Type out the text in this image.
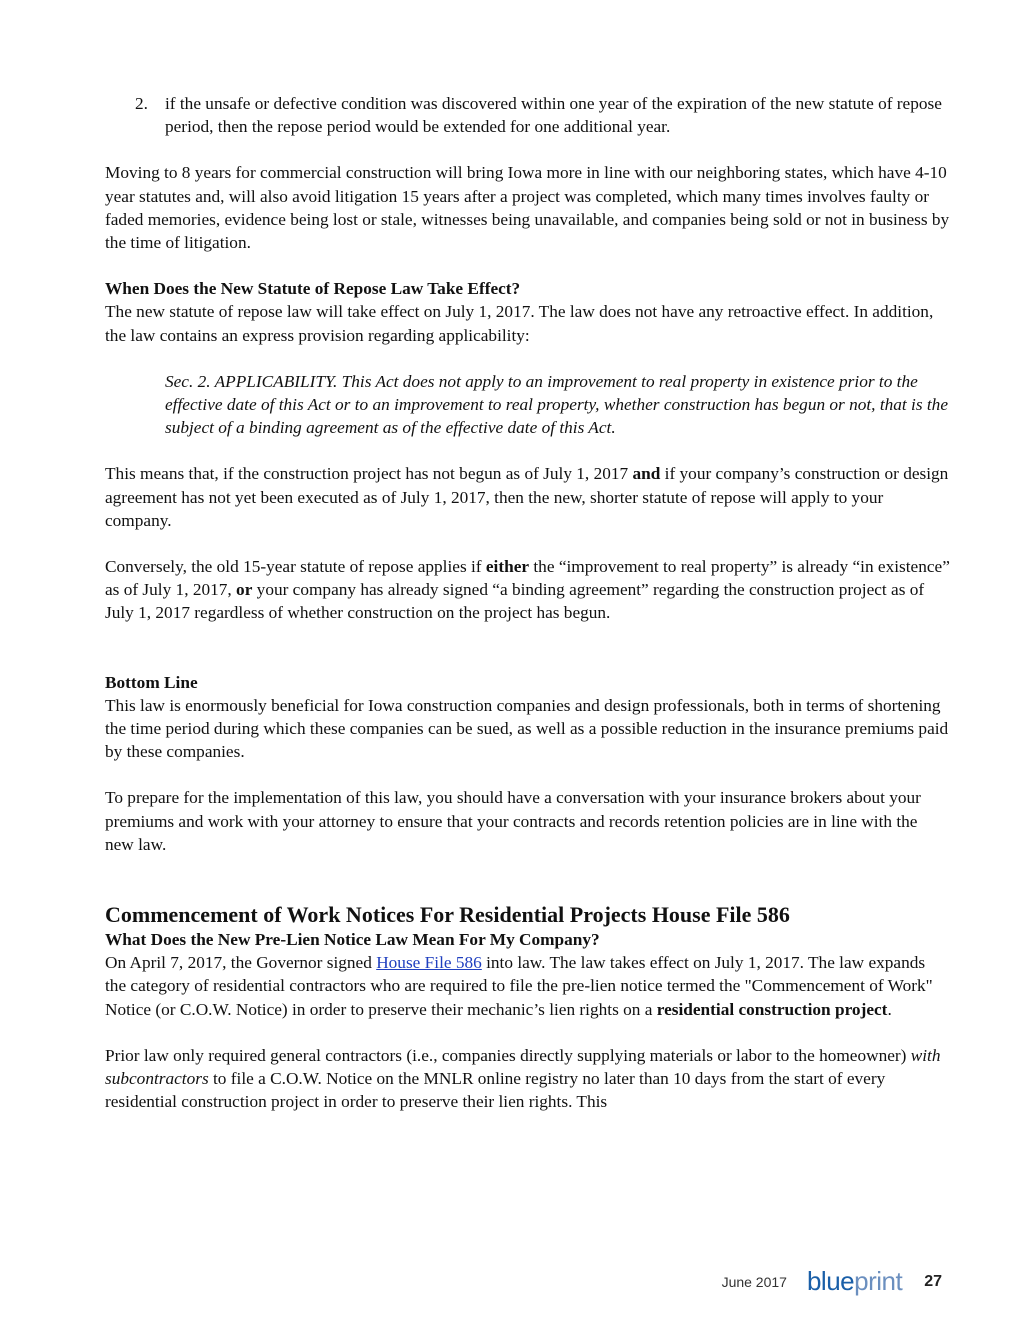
2. if the unsafe or defective condition was discovered within one year of the expiration of the new statute of repose period, then the repose period would be extended for one additional year.

Moving to 8 years for commercial construction will bring Iowa more in line with our neighboring states, which have 4-10 year statutes and, will also avoid litigation 15 years after a project was completed, which many times involves faulty or faded memories, evidence being lost or stale, witnesses being unavailable, and companies being sold or not in business by the time of litigation.

When Does the New Statute of Repose Law Take Effect?

The new statute of repose law will take effect on July 1, 2017. The law does not have any retroactive effect. In addition, the law contains an express provision regarding applicability:

Sec. 2. APPLICABILITY. This Act does not apply to an improvement to real property in existence prior to the effective date of this Act or to an improvement to real property, whether construction has begun or not, that is the subject of a binding agreement as of the effective date of this Act.

This means that, if the construction project has not begun as of July 1, 2017 and if your company’s construction or design agreement has not yet been executed as of July 1, 2017, then the new, shorter statute of repose will apply to your company.

Conversely, the old 15-year statute of repose applies if either the “improvement to real property” is already “in existence” as of July 1, 2017, or your company has already signed “a binding agreement” regarding the construction project as of July 1, 2017 regardless of whether construction on the project has begun.

Bottom Line

This law is enormously beneficial for Iowa construction companies and design professionals, both in terms of shortening the time period during which these companies can be sued, as well as a possible reduction in the insurance premiums paid by these companies.

To prepare for the implementation of this law, you should have a conversation with your insurance brokers about your premiums and work with your attorney to ensure that your contracts and records retention policies are in line with the new law.

Commencement of Work Notices For Residential Projects House File 586

What Does the New Pre-Lien Notice Law Mean For My Company?

On April 7, 2017, the Governor signed House File 586 into law. The law takes effect on July 1, 2017. The law expands the category of residential contractors who are required to file the pre-lien notice termed the "Commencement of Work" Notice (or C.O.W. Notice) in order to preserve their mechanic’s lien rights on a residential construction project.

Prior law only required general contractors (i.e., companies directly supplying materials or labor to the homeowner) with subcontractors to file a C.O.W. Notice on the MNLR online registry no later than 10 days from the start of every residential construction project in order to preserve their lien rights. This

June 2017 blueprint 27
